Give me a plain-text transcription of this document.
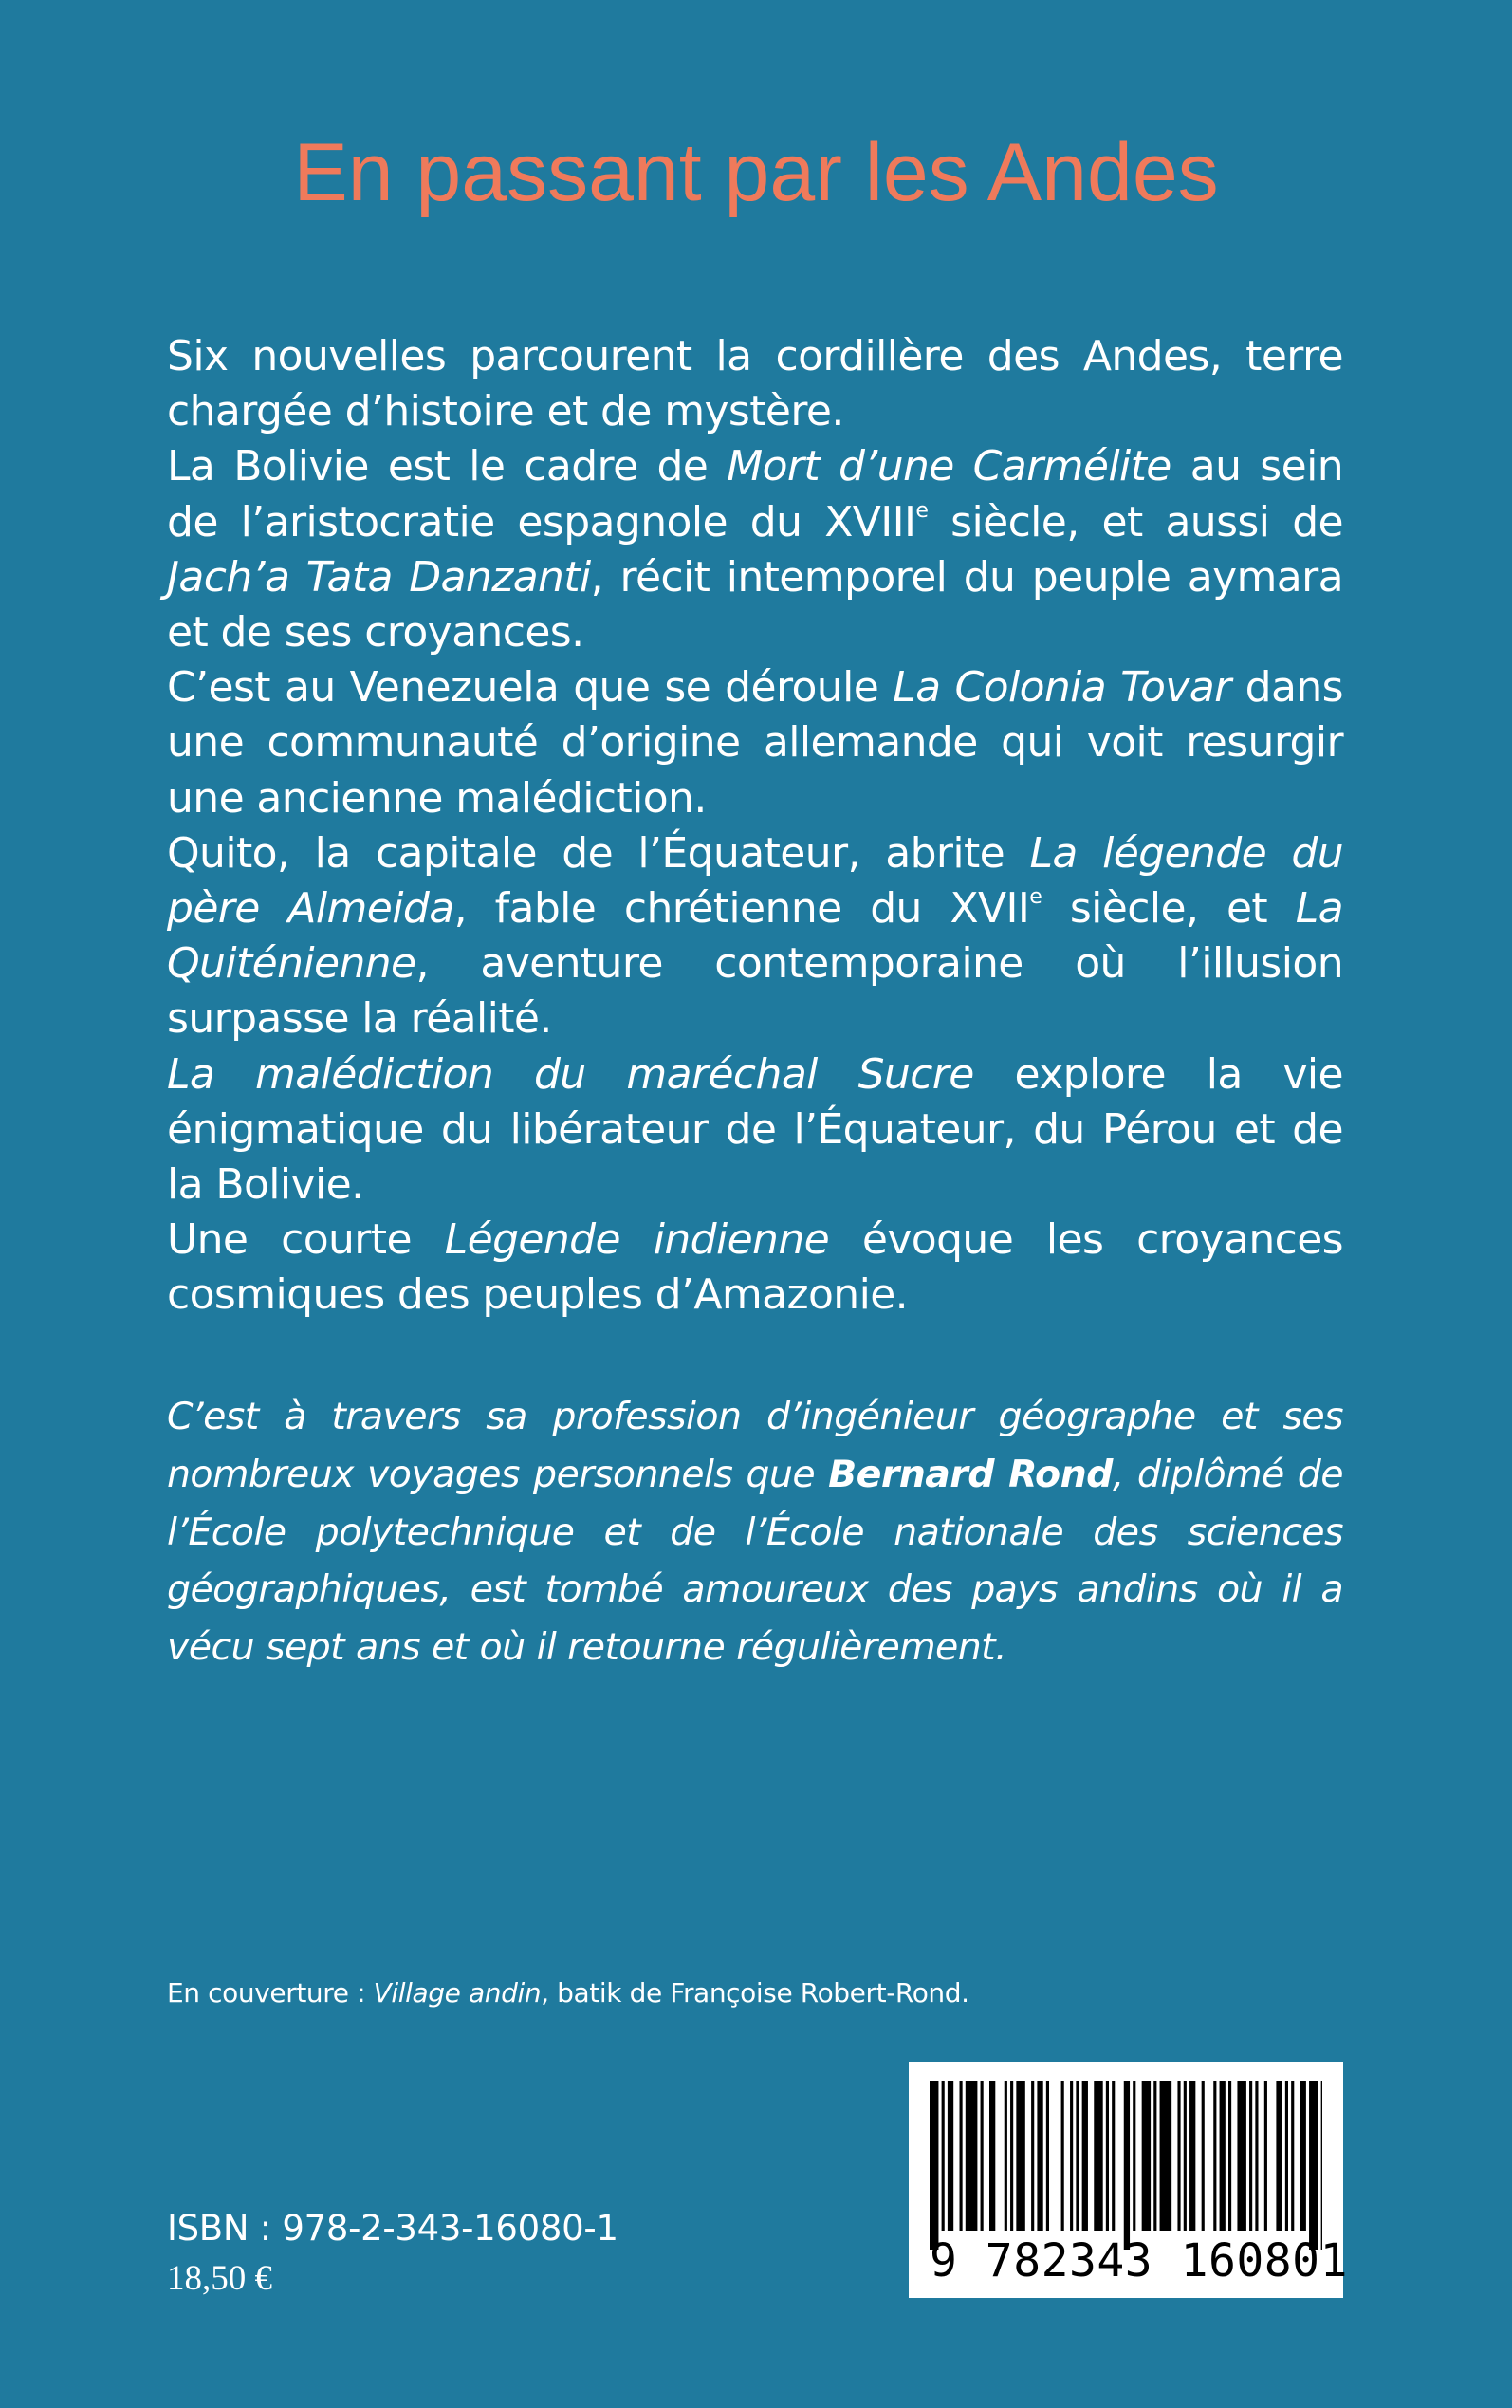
En passant par les Andes

Six nouvelles parcourent la cordillère des Andes, terre chargée d’histoire et de mystère.

La Bolivie est le cadre de Mort d’une Carmélite au sein de l’aristocratie espagnole du XVIIIe siècle, et aussi de Jach’a Tata Danzanti, récit intemporel du peuple aymara et de ses croyances.

C’est au Venezuela que se déroule La Colonia Tovar dans une communauté d’origine allemande qui voit resurgir une ancienne malédiction.

Quito, la capitale de l’Équateur, abrite La légende du père Almeida, fable chrétienne du XVIIe siècle, et La Quiténienne, aventure contemporaine où l’illusion surpasse la réalité.

La malédiction du maréchal Sucre explore la vie énigmatique du libérateur de l’Équateur, du Pérou et de la Bolivie.

Une courte Légende indienne évoque les croyances cosmiques des peuples d’Amazonie.

C’est à travers sa profession d’ingénieur géographe et ses nombreux voyages personnels que Bernard Rond, diplômé de l’École polytechnique et de l’École nationale des sciences géographiques, est tombé amoureux des pays andins où il a vécu sept ans et où il retourne régulièrement.

En couverture : Village andin, batik de Françoise Robert-Rond.

9 782343 160801

ISBN : 978-2-343-16080-1

18,50 €
